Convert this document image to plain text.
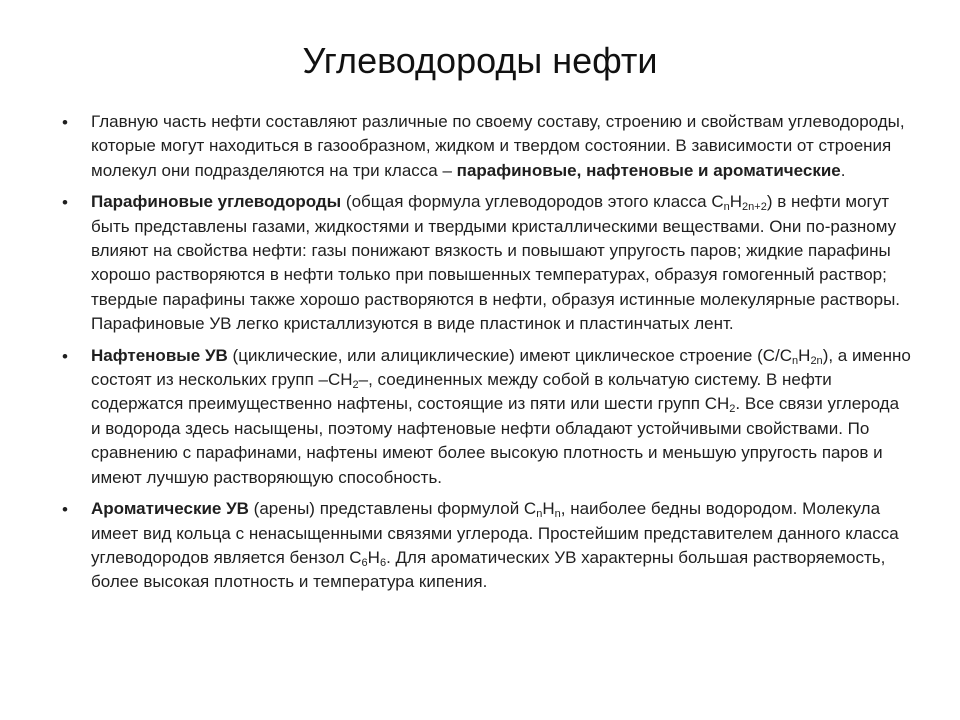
Углеводороды нефти
• Главную часть нефти составляют различные по своему составу, строению и свойствам углеводороды, которые могут находиться в газообразном, жидком и твердом состоянии. В зависимости от строения молекул они подразделяются на три класса – парафиновые, нафтеновые и ароматические.
• Парафиновые углеводороды (общая формула углеводородов этого класса $C_nH_{2n+2}$) в нефти могут быть представлены газами, жидкостями и твердыми кристаллическими веществами. Они по-разному влияют на свойства нефти: газы понижают вязкость и повышают упругость паров; жидкие парафины хорошо растворяются в нефти только при повышенных температурах, образуя гомогенный раствор; твердые парафины также хорошо растворяются в нефти, образуя истинные молекулярные растворы. Парафиновые УВ легко кристаллизуются в виде пластинок и пластинчатых лент.
• Нафтеновые УВ (циклические, или алициклические) имеют циклическое строение $(C/C_nH_{2n})$, а именно состоят из нескольких групп $-CH_2-$, соединенных между собой в кольчатую систему. В нефти содержатся преимущественно нафтены, состоящие из пяти или шести групп $CH_2$. Все связи углерода и водорода здесь насыщены, поэтому нафтеновые нефти обладают устойчивыми свойствами. По сравнению с парафинами, нафтены имеют более высокую плотность и меньшую упругость паров и имеют лучшую растворяющую способность.
• Ароматические УВ (арены) представлены формулой $C_nH_n$, наиболее бедны водородом. Молекула имеет вид кольца с ненасыщенными связями углерода. Простейшим представителем данного класса углеводородов является бензол $C_6H_6$. Для ароматических УВ характерны большая растворяемость, более высокая плотность и температура кипения.
